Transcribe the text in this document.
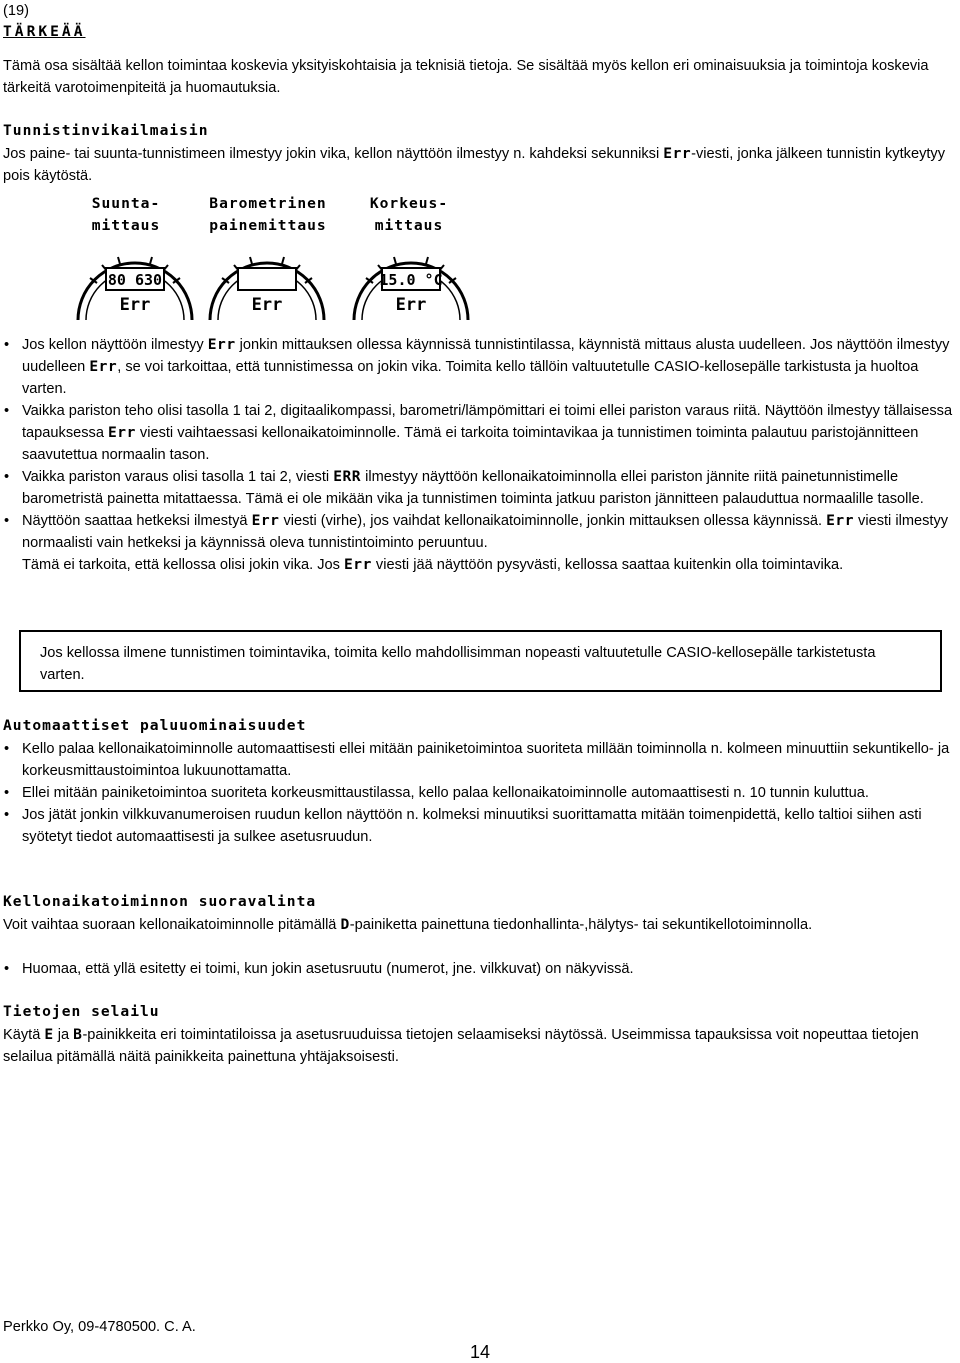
(19)
TÄRKEÄÄ

Tämä osa sisältää kellon toimintaa koskevia yksityiskohtaisia ja teknisiä tietoja. Se sisältää myös kellon eri ominaisuuksia ja toimintoja koskevia tärkeitä varotoimenpiteitä ja huomautuksia.

Tunnistinvikailmaisin

Jos paine- tai suunta-tunnistimeen ilmestyy jokin vika, kellon näyttöön ilmestyy n. kahdeksi sekunniksi Err-viesti, jonka jälkeen tunnistin kytkeytyy pois käytöstä.

Suunta-
mittaus
Barometrinen
painemittaus
Korkeus-
mittaus
80 630
Err	Err
15.0 °C
Err
• Jos kellon näyttöön ilmestyy Err jonkin mittauksen ollessa käynnissä tunnistintilassa, käynnistä mittaus alusta uudelleen. Jos näyttöön ilmestyy uudelleen Err, se voi tarkoittaa, että tunnistimessa on jokin vika. Toimita kello tällöin valtuutetulle CASIO-kellosepälle tarkistusta ja huoltoa varten.
• Vaikka pariston teho olisi tasolla 1 tai 2, digitaalikompassi, barometri/lämpömittari ei toimi ellei pariston varaus riitä. Näyttöön ilmestyy tällaisessa tapauksessa Err viesti vaihtaessasi kellonaikatoiminnolle. Tämä ei tarkoita toimintavikaa ja tunnistimen toiminta palautuu paristojännitteen saavutettua normaalin tason.
• Vaikka pariston varaus olisi tasolla 1 tai 2, viesti ERR ilmestyy näyttöön kellonaikatoiminnolla ellei pariston jännite riitä painetunnistimelle barometristä painetta mitattaessa. Tämä ei ole mikään vika ja tunnistimen toiminta jatkuu pariston jännitteen palauduttua normaalille tasolle.
• Näyttöön saattaa hetkeksi ilmestyä Err viesti (virhe), jos vaihdat kellonaikatoiminnolle, jonkin mittauksen ollessa käynnissä. Err viesti ilmestyy normaalisti vain hetkeksi ja käynnissä oleva tunnistintoiminto peruuntuu.
Tämä ei tarkoita, että kellossa olisi jokin vika. Jos Err viesti jää näyttöön pysyvästi, kellossa saattaa kuitenkin olla toimintavika.

Jos kellossa ilmene tunnistimen toimintavika, toimita kello mahdollisimman nopeasti valtuutetulle CASIO-kellosepälle tarkistetusta varten.

Automaattiset paluuominaisuudet
• Kello palaa kellonaikatoiminnolle automaattisesti ellei mitään painiketoimintoa suoriteta millään toiminnolla n. kolmeen minuuttiin sekuntikello- ja korkeusmittaustoimintoa lukuunottamatta.
• Ellei mitään painiketoimintoa suoriteta korkeusmittaustilassa, kello palaa kellonaikatoiminnolle automaattisesti n. 10 tunnin kuluttua.
• Jos jätät jonkin vilkkuvanumeroisen ruudun kellon näyttöön n. kolmeksi minuutiksi suorittamatta mitään toimenpidettä, kello taltioi siihen asti syötetyt tiedot automaattisesti ja sulkee asetusruudun.
Kellonaikatoiminnon suoravalinta

Voit vaihtaa suoraan kellonaikatoiminnolle pitämällä D-painiketta painettuna tiedonhallinta-,hälytys- tai sekuntikellotoiminnolla.

• Huomaa, että yllä esitetty ei toimi, kun jokin asetusruutu (numerot, jne. vilkkuvat) on näkyvissä.
Tietojen selailu

Käytä E ja B-painikkeita eri toimintatiloissa ja asetusruuduissa tietojen selaamiseksi näytössä. Useimmissa tapauksissa voit nopeuttaa tietojen selailua pitämällä näitä painikkeita painettuna yhtäjaksoisesti.

Perkko Oy, 09-4780500. C. A.
14
